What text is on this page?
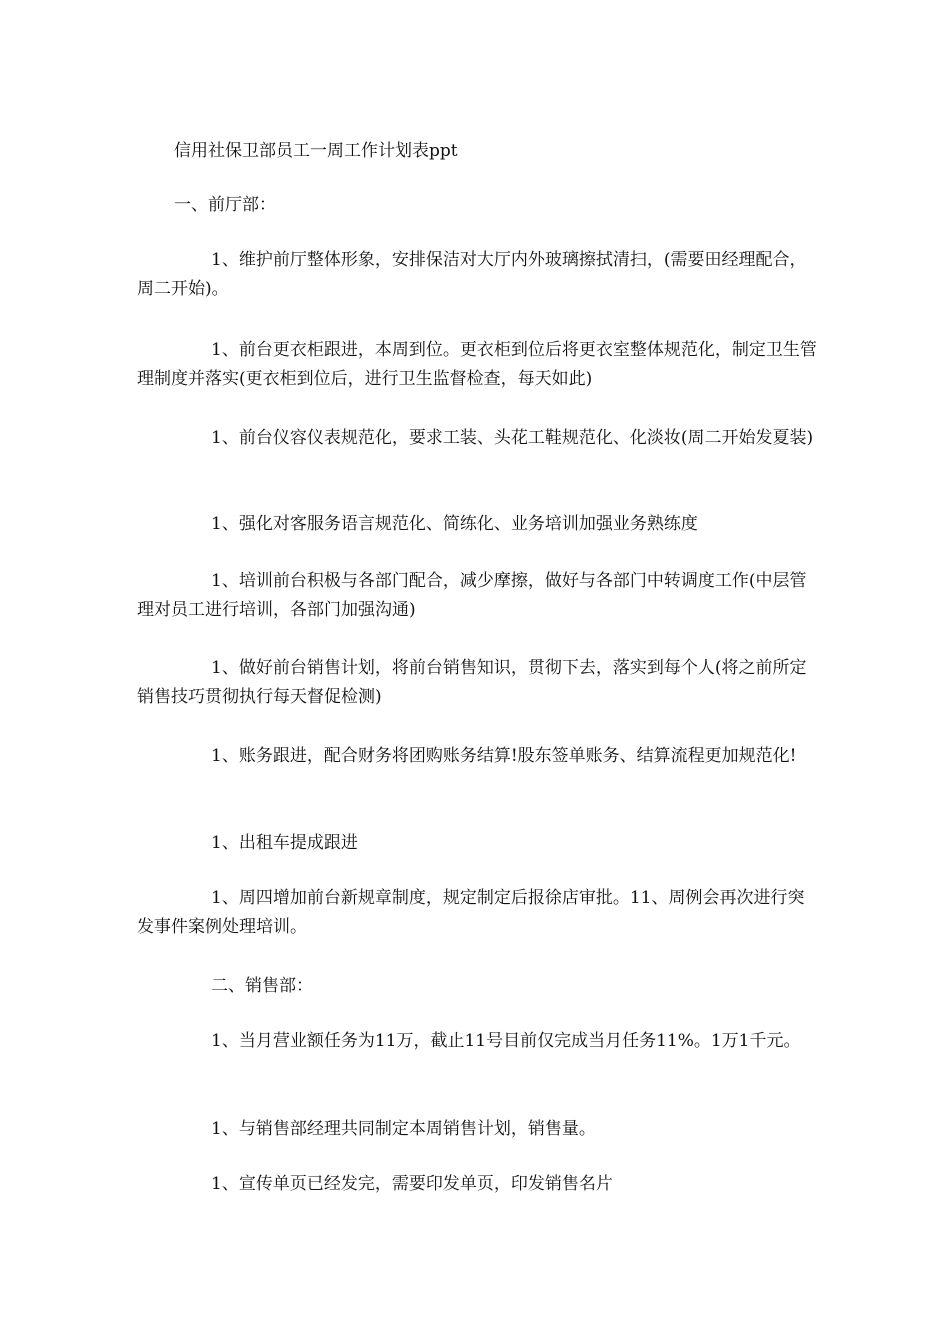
信用社保卫部员工一周工作计划表ppt
一、前厅部：
1、维护前厅整体形象，安排保洁对大厅内外玻璃擦拭清扫，(需要田经理配合，周二开始)。
1、前台更衣柜跟进，本周到位。更衣柜到位后将更衣室整体规范化，制定卫生管理制度并落实(更衣柜到位后，进行卫生监督检查，每天如此)
1、前台仪容仪表规范化，要求工装、头花工鞋规范化、化淡妆(周二开始发夏装)
1、强化对客服务语言规范化、简练化、业务培训加强业务熟练度
1、培训前台积极与各部门配合，减少摩擦，做好与各部门中转调度工作(中层管理对员工进行培训，各部门加强沟通)
1、做好前台销售计划，将前台销售知识，贯彻下去，落实到每个人(将之前所定销售技巧贯彻执行每天督促检测)
1、账务跟进，配合财务将团购账务结算!股东签单账务、结算流程更加规范化!
1、出租车提成跟进
1、周四增加前台新规章制度，规定制定后报徐店审批。11、周例会再次进行突发事件案例处理培训。
二、销售部：
1、当月营业额任务为11万，截止11号目前仅完成当月任务11%。1万1千元。
1、与销售部经理共同制定本周销售计划，销售量。
1、宣传单页已经发完，需要印发单页，印发销售名片
